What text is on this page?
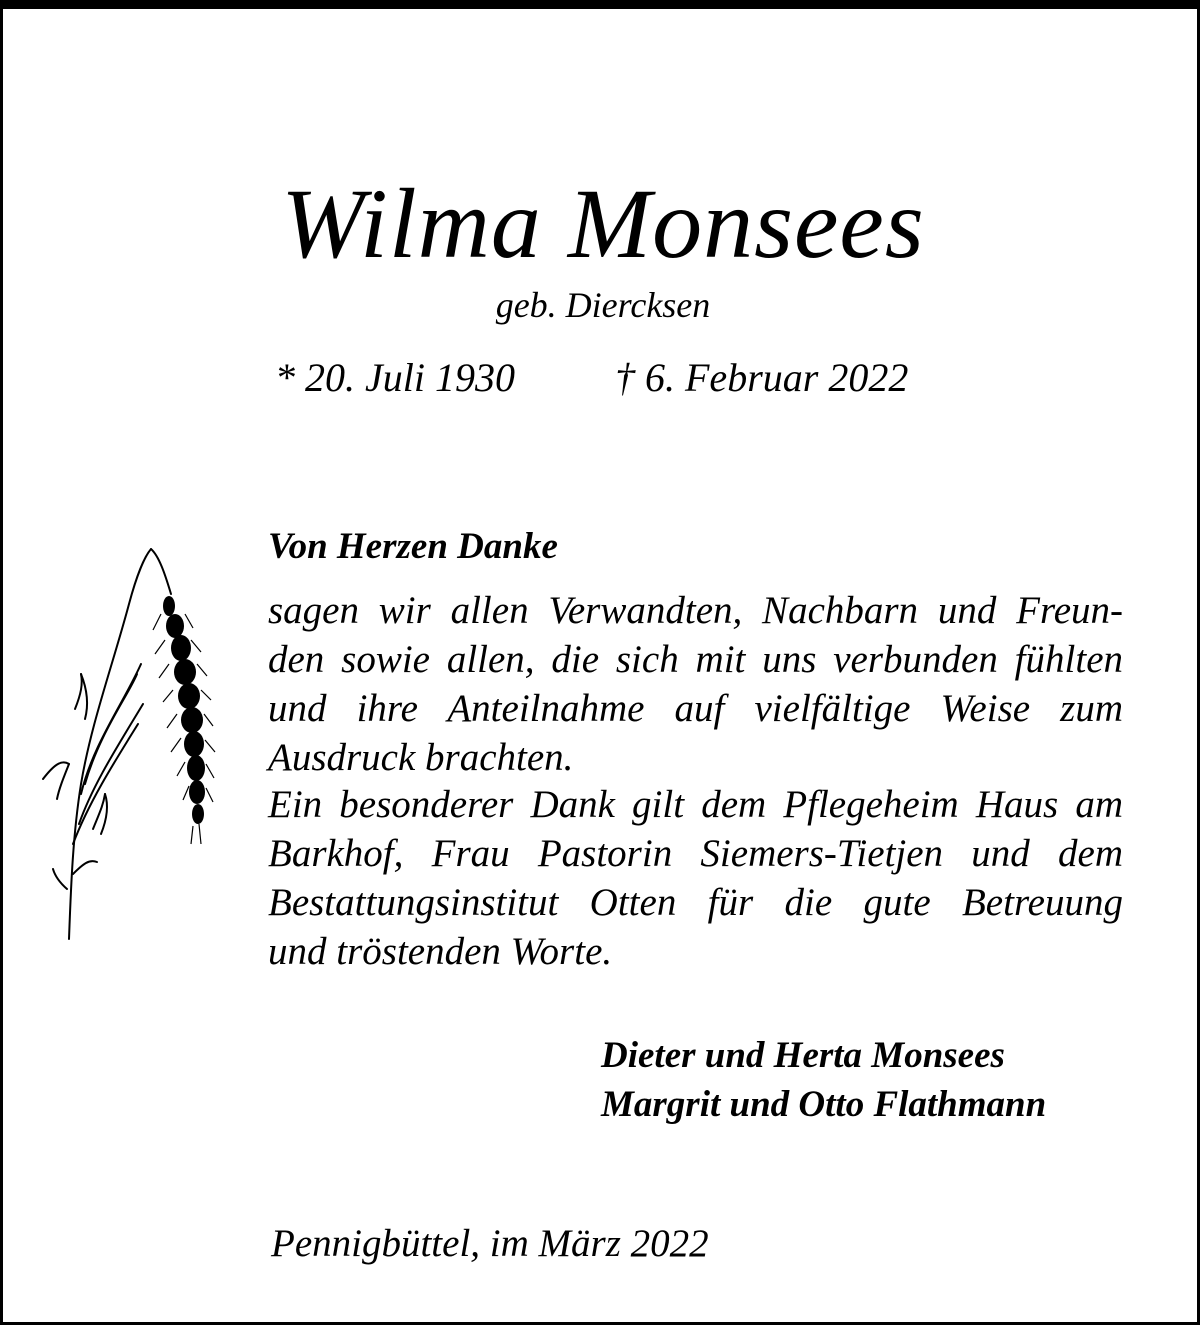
Wilma Monsees
geb. Diercksen
* 20. Juli 1930	† 6. Februar 2022
Von Herzen Danke
sagen wir allen Verwandten, Nachbarn und Freun-
den sowie allen, die sich mit uns verbunden fühlten
und ihre Anteilnahme auf vielfältige Weise zum
Ausdruck brachten.
Ein besonderer Dank gilt dem Pflegeheim Haus am
Barkhof, Frau Pastorin Siemers-Tietjen und dem
Bestattungsinstitut Otten für die gute Betreuung
und tröstenden Worte.
Dieter und Herta Monsees
Margrit und Otto Flathmann
Pennigbüttel, im März 2022
